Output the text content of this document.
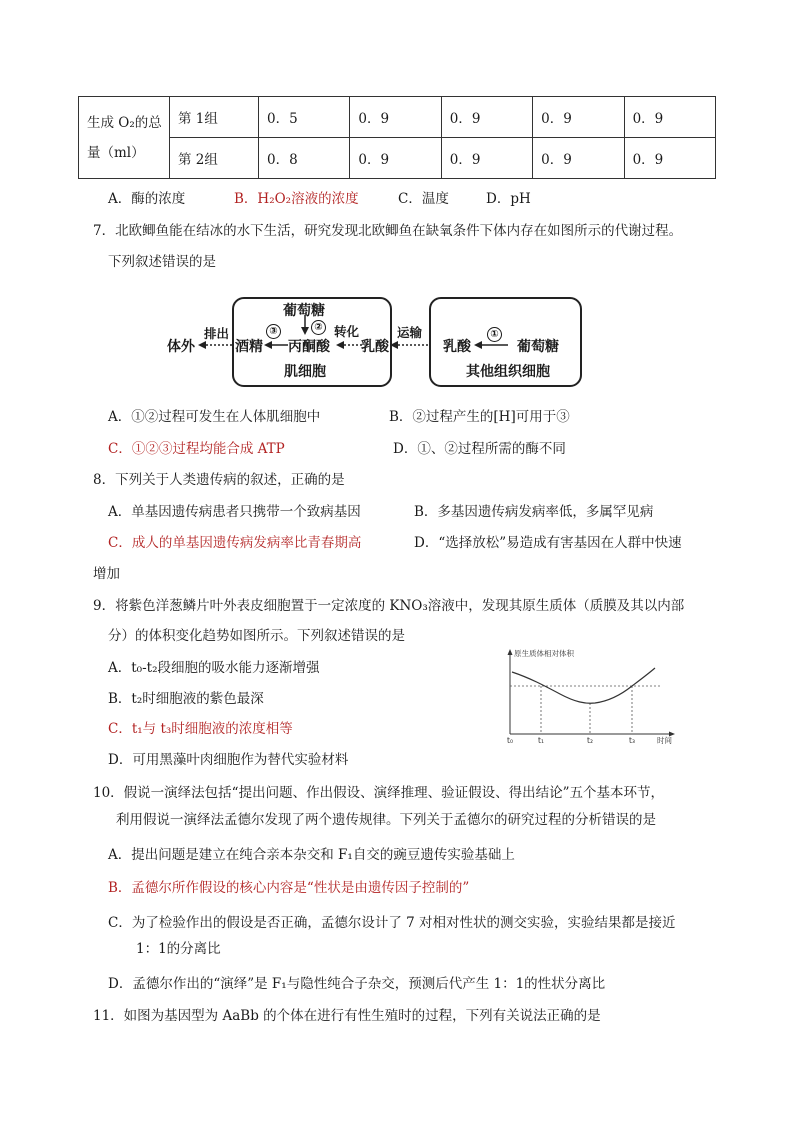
生成 O₂的总量（ml）	第 1组	0．5	0．9	0．9	0．9	0．9
	第 2组	0．8	0．9	0．9	0．9	0．9
A．酶的浓度	B．H₂O₂溶液的浓度	C．温度	D．pH
7．北欧鲫鱼能在结冰的水下生活，研究发现北欧鲫鱼在缺氧条件下体内存在如图所示的代谢过程。
下列叙述错误的是
体外
排出
酒精
③
丙酮酸
葡萄糖
② 转化
乳酸
肌细胞
运输
乳酸
①
葡萄糖
其他组织细胞
A．①②过程可发生在人体肌细胞中	B．②过程产生的[H]可用于③
C．①②③过程均能合成 ATP	D．①、②过程所需的酶不同
8．下列关于人类遗传病的叙述，正确的是
A．单基因遗传病患者只携带一个致病基因	B．多基因遗传病发病率低，多属罕见病
C．成人的单基因遗传病发病率比青春期高	D．“选择放松”易造成有害基因在人群中快速
增加
9．将紫色洋葱鳞片叶外表皮细胞置于一定浓度的 KNO₃溶液中，发现其原生质体（质膜及其以内部
分）的体积变化趋势如图所示。下列叙述错误的是
A．t₀-t₂段细胞的吸水能力逐渐增强
B．t₂时细胞液的紫色最深
C．t₁与 t₃时细胞液的浓度相等
D．可用黑藻叶肉细胞作为替代实验材料
原生质体相对体积
时间
t₀	t₁	t₂	t₃
10．假说一演绎法包括“提出问题、作出假设、演绎推理、验证假设、得出结论”五个基本环节，
利用假说一演绎法孟德尔发现了两个遗传规律。下列关于孟德尔的研究过程的分析错误的是
A．提出问题是建立在纯合亲本杂交和 F₁自交的豌豆遗传实验基础上
B．孟德尔所作假设的核心内容是“性状是由遗传因子控制的”
C．为了检验作出的假设是否正确，孟德尔设计了 7 对相对性状的测交实验，实验结果都是接近
1：1的分离比
D．孟德尔作出的“演绎”是 F₁与隐性纯合子杂交，预测后代产生 1：1的性状分离比
11．如图为基因型为 AaBb 的个体在进行有性生殖时的过程，下列有关说法正确的是
